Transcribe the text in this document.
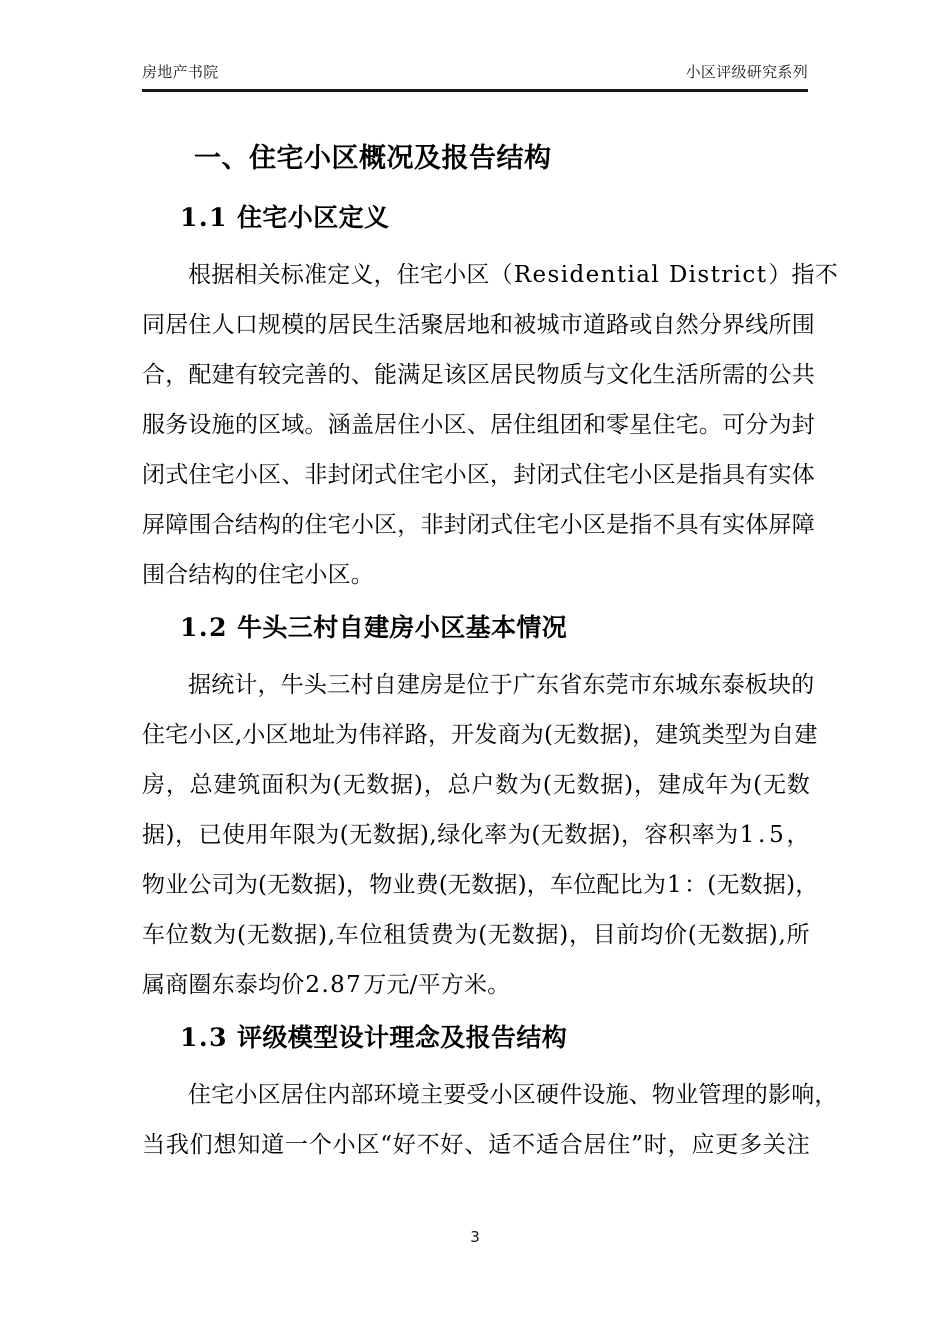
房地产书院	小区评级研究系列
一、住宅小区概况及报告结构
1.1 住宅小区定义
根据相关标准定义，住宅小区（Residential District）指不
同 居 住 人 口 规 模 的 居 民 生 活 聚 居 地 和 被 城 市 道 路 或 自 然 分 界 线 所 围
合 ， 配 建 有 较 完 善 的 、 能 满 足 该 区 居 民 物 质 与 文 化 生 活 所 需 的 公 共
服 务 设 施 的 区 域 。 涵 盖 居 住 小 区 、 居 住 组 团 和 零 星 住 宅 。 可 分 为 封
闭 式 住 宅 小 区 、 非 封 闭 式 住 宅 小 区 ， 封 闭 式 住 宅 小 区 是 指 具 有 实 体
屏 障 围 合 结 构 的 住 宅 小 区 ， 非 封 闭 式 住 宅 小 区 是 指 不 具 有 实 体 屏 障
围合结构的住宅小区。
1.2 牛头三村自建房小区基本情况
据统计，牛头三村自建房是位于广东省东莞市东城东泰板块的
住 宅 小 区 , 小 区 地 址 为 伟 祥 路 ， 开 发 商 为 ( 无 数 据 ) ， 建 筑 类 型 为 自 建
房 ， 总 建 筑 面 积 为 ( 无 数 据 ) ， 总 户 数 为 ( 无 数 据 ) ， 建 成 年 为 ( 无 数
据 ) ， 已 使 用 年 限 为 ( 无 数 据 ) , 绿 化 率 为 ( 无 数 据 ) ， 容 积 率 为 1 . 5 ，
物 业 公 司 为 ( 无 数 据 ) ， 物 业 费 ( 无 数 据 ) ， 车 位 配 比 为 1 ： ( 无 数 据 ) ，
车 位 数 为 ( 无 数 据 ) , 车 位 租 赁 费 为 ( 无 数 据 ) ， 目 前 均 价 ( 无 数 据 ) , 所
属商圈东泰均价2.87万元/平方米。
1.3 评级模型设计理念及报告结构
住宅小区居住内部环境主要受小区硬件设施、物业管理的影响，
当 我 们 想 知 道 一 个 小 区 “ 好 不 好 、 适 不 适 合 居 住 ” 时 ， 应 更 多 关 注
3
